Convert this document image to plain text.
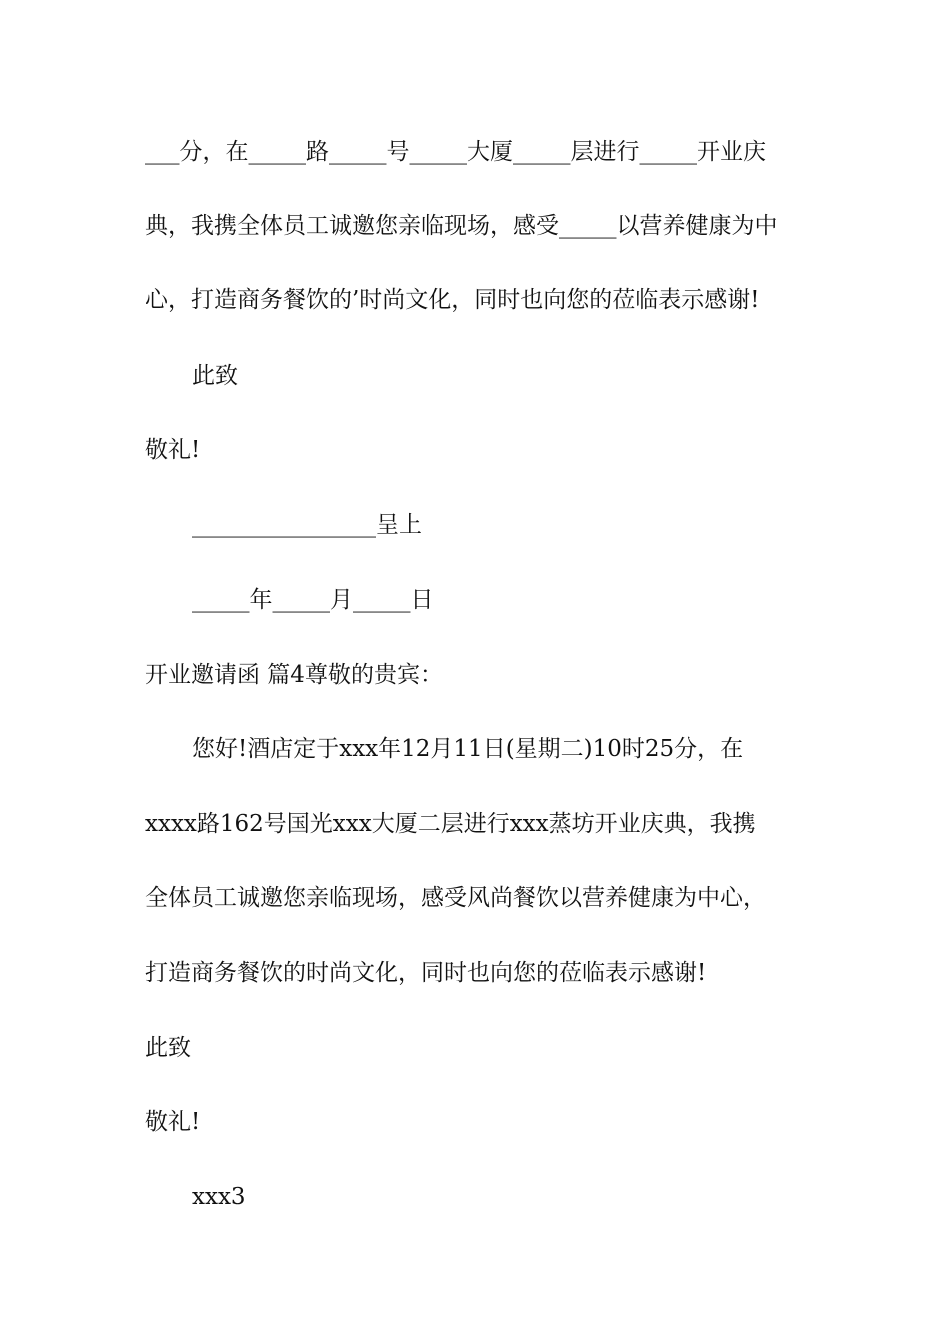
___分，在_____路_____号_____大厦_____层进行_____开业庆
典，我携全体员工诚邀您亲临现场，感受_____以营养健康为中
心，打造商务餐饮的’时尚文化，同时也向您的莅临表示感谢!
此致
敬礼!
________________呈上
_____年_____月_____日
开业邀请函 篇4尊敬的贵宾：
您好!酒店定于xxx年12月11日(星期二)10时25分，在
xxxx路162号国光xxx大厦二层进行xxx蒸坊开业庆典，我携
全体员工诚邀您亲临现场，感受风尚餐饮以营养健康为中心，
打造商务餐饮的时尚文化，同时也向您的莅临表示感谢!
此致
敬礼!
xxx3
